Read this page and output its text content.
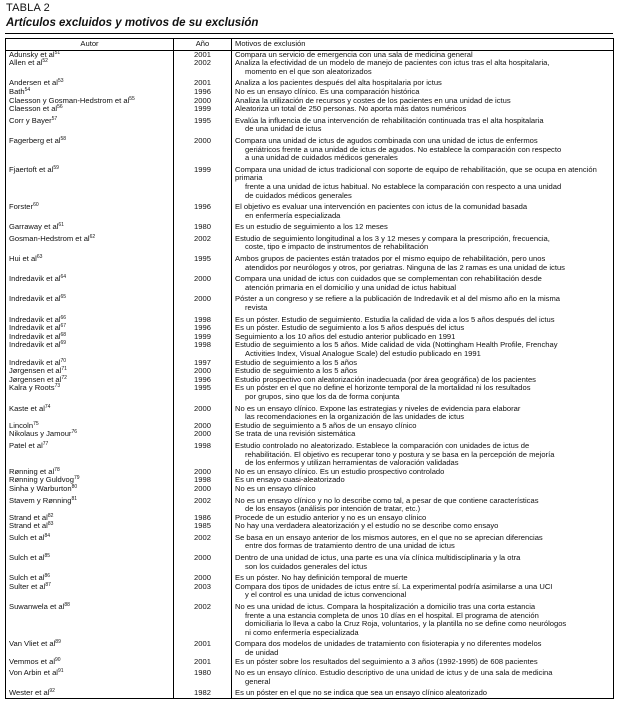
TABLA 2
Artículos excluidos y motivos de su exclusión
Autor	Año	Motivos de exclusión
Adunsky et $al^{51}$	2001	Compara un servicio de emergencia con una sala de medicina general

Allen et $al^{52}$	2002	Analiza la efectividad de un modelo de manejo de pacientes con ictus tras el alta hospitalaria,
momento en el que son aleatorizados

Andersen et $al^{53}$	2001	Analiza a los pacientes después del alta hospitalaria por ictus

Bath$^{54}$	1996	No es un ensayo clínico. Es una comparación histórica

Claesson y Gosman-Hedstrom et $al^{55}$	2000	Analiza la utilización de recursos y costes de los pacientes en una unidad de ictus

Claesson et $al^{56}$	1999	Aleatoriza un total de 250 personas. No aporta más datos numéricos

Corr y Bayer$^{57}$	1995	Evalúa la influencia de una intervención de rehabilitación continuada tras el alta hospitalaria
de una unidad de ictus

Fagerberg et $al^{58}$	2000	Compara una unidad de ictus de agudos combinada con una unidad de ictus de enfermos
geriátricos frente a una unidad de ictus de agudos. No establece la comparación con respecto
a una unidad de cuidados médicos generales

Fjaertoft et $al^{59}$	1999	Compara una unidad de ictus tradicional con soporte de equipo de rehabilitación, que se ocupa en atención primaria
frente a una unidad de ictus habitual. No establece la comparación con respecto a una unidad
de cuidados médicos generales

Forster$^{60}$	1996	El objetivo es evaluar una intervención en pacientes con ictus de la comunidad basada
en enfermería especializada

Garraway et $al^{61}$	1980	Es un estudio de seguimiento a los 12 meses

Gosman-Hedstrom et $al^{62}$	2002	Estudio de seguimiento longitudinal a los 3 y 12 meses y compara la prescripción, frecuencia,
coste, tipo e impacto de instrumentos de rehabilitación

Hui et $al^{63}$	1995	Ambos grupos de pacientes están tratados por el mismo equipo de rehabilitación, pero unos
atendidos por neurólogos y otros, por geriatras. Ninguna de las 2 ramas es una unidad de ictus

Indredavik et $al^{64}$	2000	Compara una unidad de ictus con cuidados que se complementan con rehabilitación desde
atención primaria en el domicilio y una unidad de ictus habitual

Indredavik et $al^{65}$	2000	Póster a un congreso y se refiere a la publicación de Indredavik et al del mismo año en la misma
revista

Indredavik et $al^{66}$	1998	Es un póster. Estudio de seguimiento. Estudia la calidad de vida a los 5 años después del ictus

Indredavik et $al^{67}$	1996	Es un póster. Estudio de seguimiento a los 5 años después del ictus

Indredavik et $al^{68}$	1999	Seguimiento a los 10 años del estudio anterior publicado en 1991

Indredavik et $al^{69}$	1998	Estudio de seguimiento a los 5 años. Mide calidad de vida (Nottingham Health Profile, Frenchay
Activities Index, Visual Analogue Scale) del estudio publicado en 1991

Indredavik et $al^{70}$	1997	Estudio de seguimiento a los 5 años

Jørgensen et $al^{71}$	2000	Estudio de seguimiento a los 5 años

Jørgensen et $al^{72}$	1996	Estudio prospectivo con aleatorización inadecuada (por área geográfica) de los pacientes

Kalra y Roots$^{73}$	1995	Es un póster en el que no define el horizonte temporal de la mortalidad ni los resultados
por grupos, sino que los da de forma conjunta

Kaste et $al^{74}$	2000	No es un ensayo clínico. Expone las estrategias y niveles de evidencia para elaborar
las recomendaciones en la organización de las unidades de ictus

Lincoln$^{75}$	2000	Estudio de seguimiento a 5 años de un ensayo clínico

Nikolaus y Jamour$^{76}$	2000	Se trata de una revisión sistemática

Patel et $al^{77}$	1998	Estudio controlado no aleatorizado. Establece la comparación con unidades de ictus de
rehabilitación. El objetivo es recuperar tono y postura y se basa en la percepción de mejoría
de los enfermos y utilizan herramientas de valoración validadas

Rønning et $al^{78}$	2000	No es un ensayo clínico. Es un estudio prospectivo controlado

Rønning y Guldvog$^{79}$	1998	Es un ensayo cuasi-aleatorizado

Sinha y Warburton$^{80}$	2000	No es un ensayo clínico

Stavem y Rønning$^{81}$	2002	No es un ensayo clínico y no lo describe como tal, a pesar de que contiene características
de los ensayos (análisis por intención de tratar, etc.)

Strand et $al^{82}$	1986	Procede de un estudio anterior y no es un ensayo clínico

Strand et $al^{83}$	1985	No hay una verdadera aleatorización y el estudio no se describe como ensayo

Sulch et $al^{84}$	2002	Se basa en un ensayo anterior de los mismos autores, en el que no se aprecian diferencias
entre dos formas de tratamiento dentro de una unidad de ictus

Sulch et $al^{85}$	2000	Dentro de una unidad de ictus, una parte es una vía clínica multidisciplinaria y la otra
son los cuidados generales del ictus

Sulch et $al^{86}$	2000	Es un póster. No hay definición temporal de muerte

Sulter et $al^{87}$	2003	Compara dos tipos de unidades de ictus entre sí. La experimental podría asimilarse a una UCI
y el control es una unidad de ictus convencional

Suwanwela et $al^{88}$	2002	No es una unidad de ictus. Compara la hospitalización a domicilio tras una corta estancia
frente a una estancia completa de unos 10 días en el hospital. El programa de atención
domiciliaria lo lleva a cabo la Cruz Roja, voluntarios, y la plantilla no se define como neurólogos
ni como enfermería especializada

Van Vliet et $al^{89}$	2001	Compara dos modelos de unidades de tratamiento con fisioterapia y no diferentes modelos
de unidad

Vemmos et $al^{90}$	2001	Es un póster sobre los resultados del seguimiento a 3 años (1992-1995) de 608 pacientes

Von Arbin et $al^{91}$	1980	No es un ensayo clínico. Estudio descriptivo de una unidad de ictus y de una sala de medicina
general

Wester et $al^{92}$	1982	Es un póster en el que no se indica que sea un ensayo clínico aleatorizado
